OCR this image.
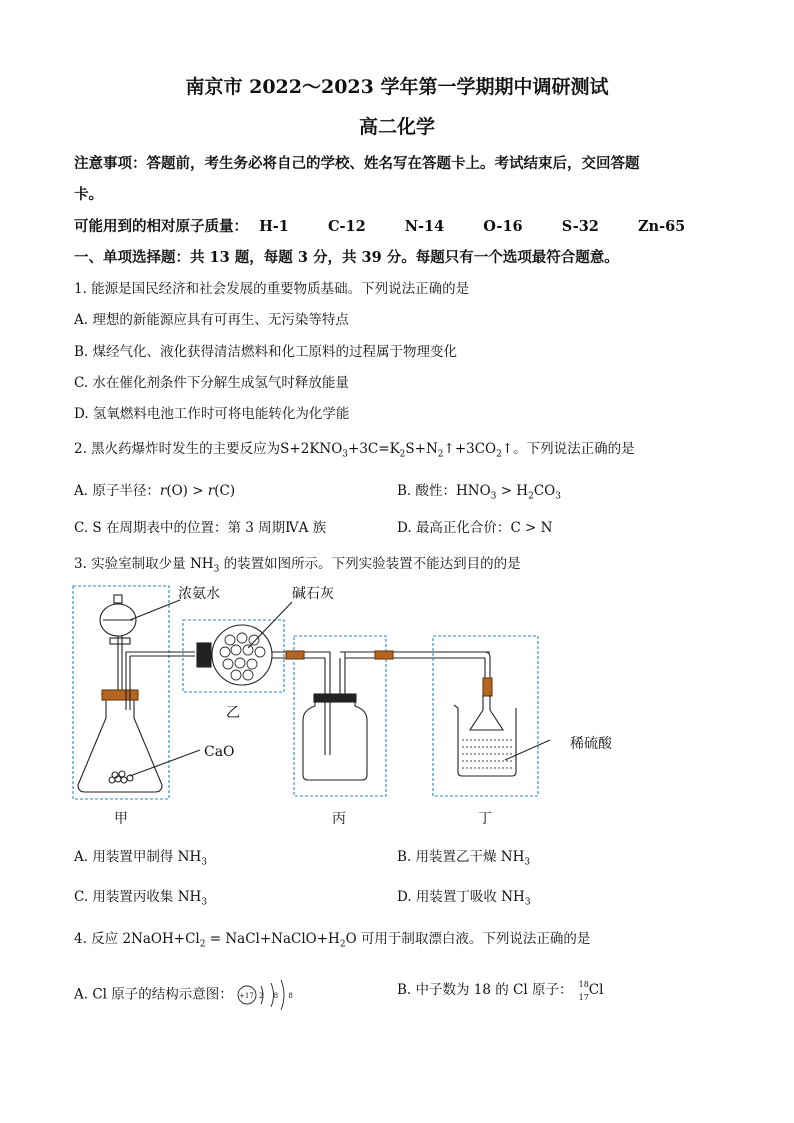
南京市 2022～2023 学年第一学期期中调研测试
高二化学
注意事项：答题前，考生务必将自己的学校、姓名写在答题卡上。考试结束后，交回答题
卡。
可能用到的相对原子质量： H-1	C-12	N-14	O-16	S-32	Zn-65
一、单项选择题：共 13 题，每题 3 分，共 39 分。每题只有一个选项最符合题意。
1. 能源是国民经济和社会发展的重要物质基础。下列说法正确的是
A. 理想的新能源应具有可再生、无污染等特点
B. 煤经气化、液化获得清洁燃料和化工原料的过程属于物理变化
C. 水在催化剂条件下分解生成氢气时释放能量
D. 氢氧燃料电池工作时可将电能转化为化学能
2. 黑火药爆炸时发生的主要反应为$S+2KNO_3+3C=K_2S+N_2↑+3CO_2↑$。下列说法正确的是
A. 原子半径：r(O) > r(C)	B. 酸性：$HNO_3 > H_2CO_3$
C. S 在周期表中的位置：第 3 周期ⅣA 族	D. 最高正化合价：C > N
3. 实验室制取少量 $NH_3$ 的装置如图所示。下列实验装置不能达到目的的是
浓氨水	碱石灰
CaO	稀硫酸
甲
乙
丙	丁
A. 用装置甲制得 $NH_3$	B. 用装置乙干燥 $NH_3$
C. 用装置丙收集 $NH_3$	D. 用装置丁吸收 $NH_3$
4. 反应 $2NaOH+Cl_2$ = $NaCl+NaClO+H_2O$ 可用于制取漂白液。下列说法正确的是
A. Cl 原子的结构示意图： +17 2 8 8	B. 中子数为 18 的 Cl 原子： 18
17 Cl
